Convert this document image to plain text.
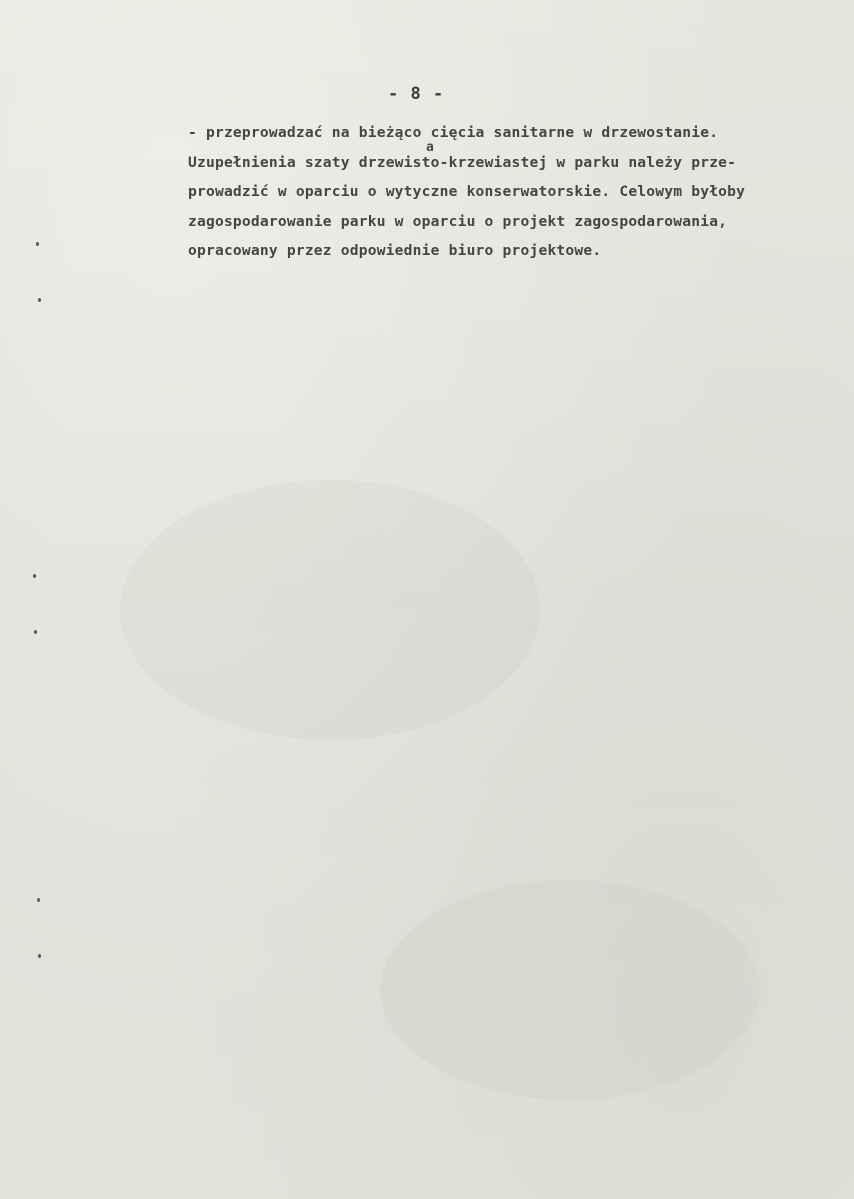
- 8 -
a
- przeprowadzać na bieżąco cięcia sanitarne w drzewostanie.
Uzupełnienia szaty drzewisto-krzewiastej w parku należy prze-
prowadzić w oparciu o wytyczne konserwatorskie. Celowym byłoby
zagospodarowanie parku w oparciu o projekt zagospodarowania,
opracowany przez odpowiednie biuro projektowe.
